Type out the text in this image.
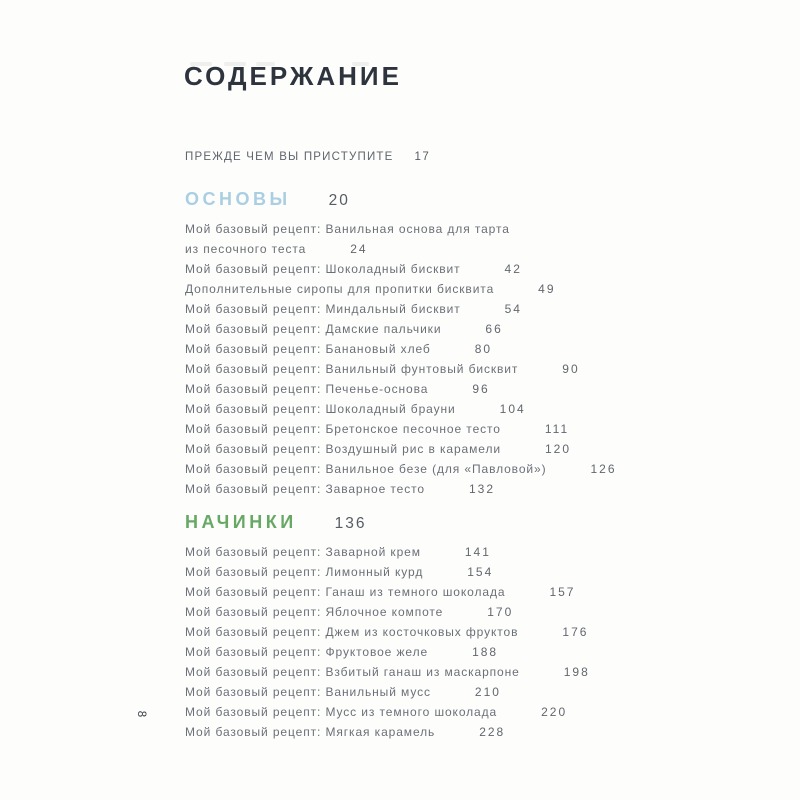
СОДЕРЖАНИЕ
ПРЕЖДЕ ЧЕМ ВЫ ПРИСТУПИТЕ 17
ОСНОВЫ 20
Мой базовый рецепт: Ванильная основа для тарта
из песочного теста	24
Мой базовый рецепт: Шоколадный бисквит	42
Дополнительные сиропы для пропитки бисквита	49
Мой базовый рецепт: Миндальный бисквит	54
Мой базовый рецепт: Дамские пальчики	66
Мой базовый рецепт: Банановый хлеб	80
Мой базовый рецепт: Ванильный фунтовый бисквит	90
Мой базовый рецепт: Печенье-основа	96
Мой базовый рецепт: Шоколадный брауни	104
Мой базовый рецепт: Бретонское песочное тесто	111
Мой базовый рецепт: Воздушный рис в карамели	120
Мой базовый рецепт: Ванильное безе (для «Павловой»)	126
Мой базовый рецепт: Заварное тесто	132
НАЧИНКИ 136
Мой базовый рецепт: Заварной крем	141
Мой базовый рецепт: Лимонный курд	154
Мой базовый рецепт: Ганаш из темного шоколада	157
Мой базовый рецепт: Яблочное компоте	170
Мой базовый рецепт: Джем из косточковых фруктов	176
Мой базовый рецепт: Фруктовое желе	188
Мой базовый рецепт: Взбитый ганаш из маскарпоне	198
Мой базовый рецепт: Ванильный мусс	210
Мой базовый рецепт: Мусс из темного шоколада	220
Мой базовый рецепт: Мягкая карамель	228
8
